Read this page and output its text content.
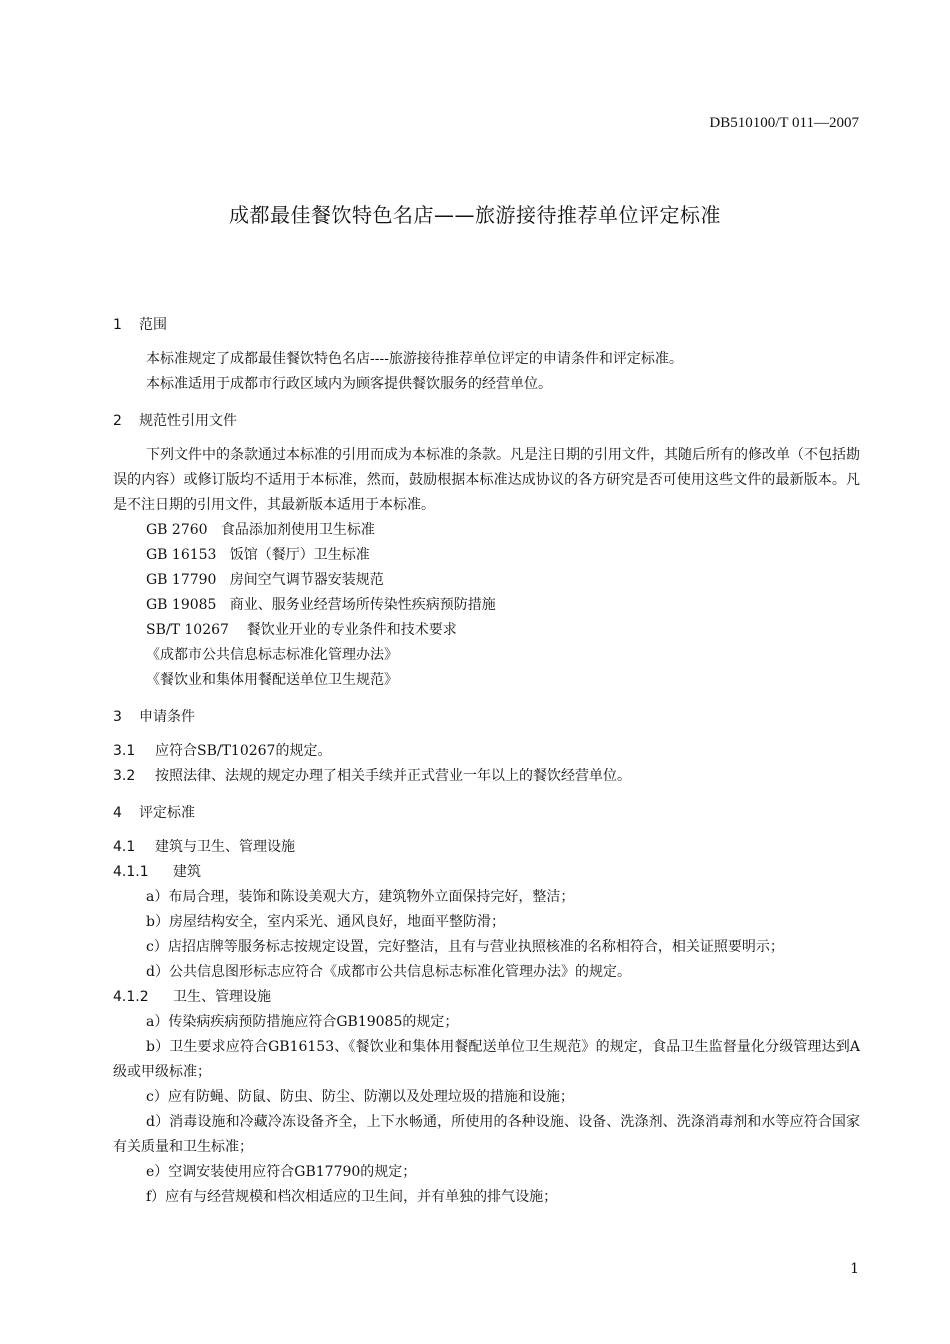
DB510100/T 011—2007
成都最佳餐饮特色名店——旅游接待推荐单位评定标准
1 范围

本标准规定了成都最佳餐饮特色名店----旅游接待推荐单位评定的申请条件和评定标准。

本标准适用于成都市行政区域内为顾客提供餐饮服务的经营单位。

2 规范性引用文件

下列文件中的条款通过本标准的引用而成为本标准的条款。凡是注日期的引用文件，其随后所有的修改单（不包括勘误的内容）或修订版均不适用于本标准，然而，鼓励根据本标准达成协议的各方研究是否可使用这些文件的最新版本。凡是不注日期的引用文件，其最新版本适用于本标准。

GB 2760   食品添加剂使用卫生标准
GB 16153   饭馆（餐厅）卫生标准
GB 17790   房间空气调节器安装规范
GB 19085   商业、服务业经营场所传染性疾病预防措施
SB/T 10267    餐饮业开业的专业条件和技术要求
《成都市公共信息标志标准化管理办法》
《餐饮业和集体用餐配送单位卫生规范》
3 申请条件
3.1 应符合SB/T10267的规定。
3.2 按照法律、法规的规定办理了相关手续并正式营业一年以上的餐饮经营单位。
4 评定标准
4.1 建筑与卫生、管理设施
4.1.1 建筑

a）布局合理，装饰和陈设美观大方，建筑物外立面保持完好，整洁；

b）房屋结构安全，室内采光、通风良好，地面平整防滑；

c）店招店牌等服务标志按规定设置，完好整洁，且有与营业执照核准的名称相符合，相关证照要明示；

d）公共信息图形标志应符合《成都市公共信息标志标准化管理办法》的规定。

4.1.2 卫生、管理设施

a）传染病疾病预防措施应符合GB19085的规定；

b）卫生要求应符合GB16153、《餐饮业和集体用餐配送单位卫生规范》的规定，食品卫生监督量化分级管理达到A级或甲级标准；

c）应有防蝇、防鼠、防虫、防尘、防潮以及处理垃圾的措施和设施；

d）消毒设施和冷藏冷冻设备齐全，上下水畅通，所使用的各种设施、设备、洗涤剂、洗涤消毒剂和水等应符合国家有关质量和卫生标准；

e）空调安装使用应符合GB17790的规定；

f）应有与经营规模和档次相适应的卫生间，并有单独的排气设施；

1
